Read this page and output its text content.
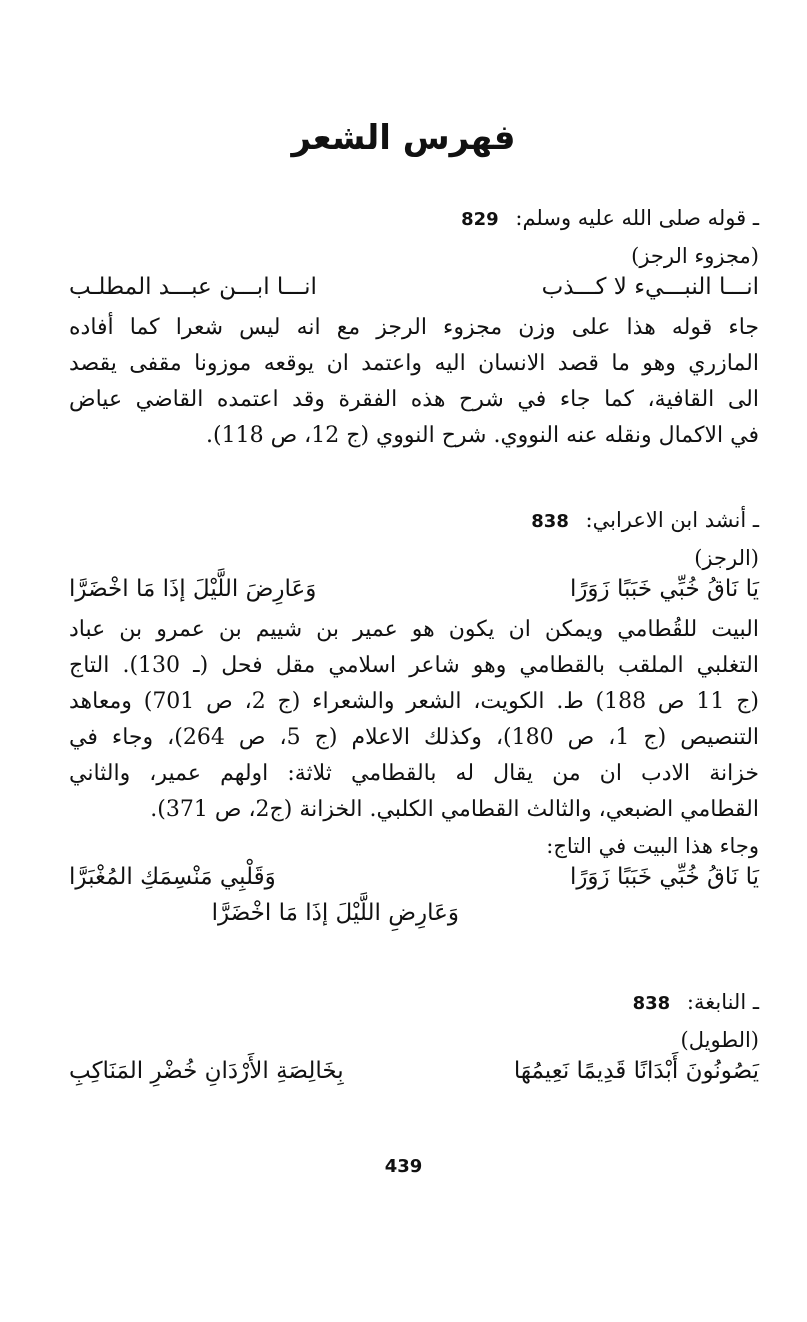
فهرس الشعر
ـ قوله صلى الله عليه وسلم: 829
(مجزوء الرجز)
انـــا النبـــيء لا كـــذب
انـــا ابـــن عبـــد المطلـب
جاء قوله هذا على وزن مجزوء الرجز مع انه ليس شعرا كما أفاده
المازري وهو ما قصد الانسان اليه واعتمد ان يوقعه موزونا مقفى يقصد
الى القافية، كما جاء في شرح هذه الفقرة وقد اعتمده القاضي عياض
في الاكمال ونقله عنه النووي. شرح النووي (ج 12، ص 118).
ـ أنشد ابن الاعرابي: 838
(الرجز)
يَا نَاقُ خُبِّي خَبَبًا زَوَرًا
وَعَارِضَ اللَّيْلَ إذَا مَا اخْضَرَّا
البيت للقُطامي ويمكن ان يكون هو عمير بن شييم بن عمرو بن عباد
التغلبي الملقب بالقطامي وهو شاعر اسلامي مقل فحل (ـ 130). التاج
(ج 11 ص 188) ط. الكويت، الشعر والشعراء (ج 2، ص 701) ومعاهد
التنصيص (ج 1، ص 180)، وكذلك الاعلام (ج 5، ص 264)، وجاء في
خزانة الادب ان من يقال له بالقطامي ثلاثة: اولهم عمير، والثاني
القطامي الضبعي، والثالث القطامي الكلبي. الخزانة (ج2، ص 371).
وجاء هذا البيت في التاج:
يَا نَاقُ خُبِّي خَبَبًا زَوَرًا
وَقَلْبِي مَنْسِمَكِ المُغْبَرَّا
وَعَارِضِ اللَّيْلَ إذَا مَا اخْضَرَّا
ـ النابغة: 838
(الطويل)
يَصُونُونَ أَبْدَانًا قَدِيمًا نَعِيمُهَا
بِخَالِصَةِ الأَرْدَانِ خُضْرِ المَنَاكِبِ
439
